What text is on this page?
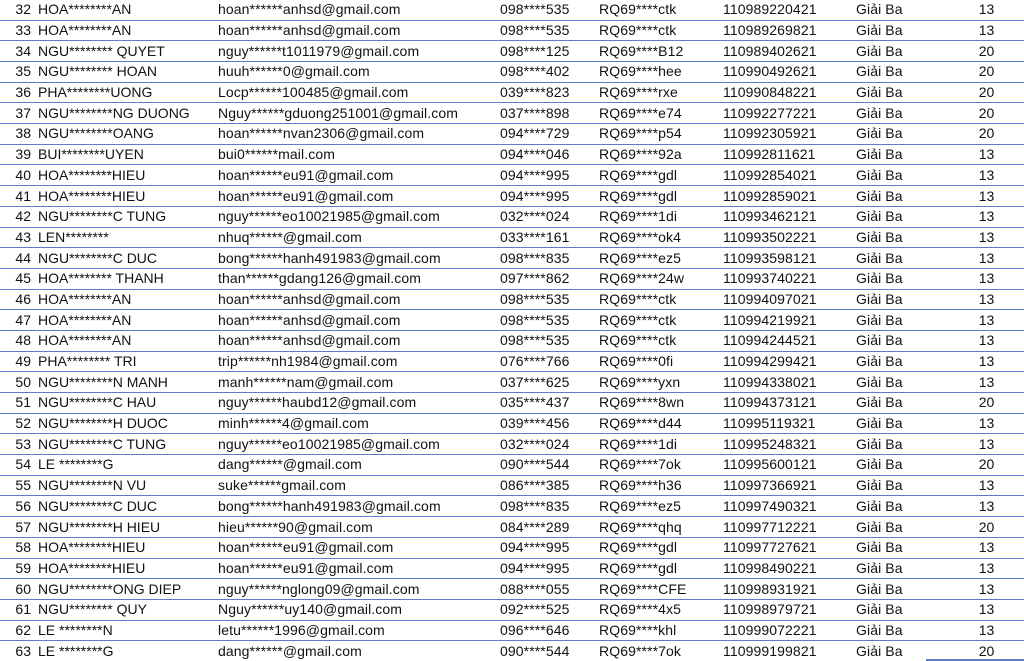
32	HOA********AN	hoan******anhsd@gmail.com	098****535	RQ69****ctk	110989220421	Giải Ba	13
33	HOA********AN	hoan******anhsd@gmail.com	098****535	RQ69****ctk	110989269821	Giải Ba	13
34	NGU******** QUYET	nguy******t1011979@gmail.com	098****125	RQ69****B12	110989402621	Giải Ba	20
35	NGU******** HOAN	huuh******0@gmail.com	098****402	RQ69****hee	110990492621	Giải Ba	20
36	PHA********UONG	Locp******100485@gmail.com	039****823	RQ69****rxe	110990848221	Giải Ba	20
37	NGU********NG DUONG	Nguy******gduong251001@gmail.com	037****898	RQ69****e74	110992277221	Giải Ba	20
38	NGU********OANG	hoan******nvan2306@gmail.com	094****729	RQ69****p54	110992305921	Giải Ba	20
39	BUI********UYEN	bui0******mail.com	094****046	RQ69****92a	110992811621	Giải Ba	13
40	HOA********HIEU	hoan******eu91@gmail.com	094****995	RQ69****gdl	110992854021	Giải Ba	13
41	HOA********HIEU	hoan******eu91@gmail.com	094****995	RQ69****gdl	110992859021	Giải Ba	13
42	NGU********C TUNG	nguy******eo10021985@gmail.com	032****024	RQ69****1di	110993462121	Giải Ba	13
43	LEN********	nhuq******@gmail.com	033****161	RQ69****ok4	110993502221	Giải Ba	13
44	NGU********C DUC	bong******hanh491983@gmail.com	098****835	RQ69****ez5	110993598121	Giải Ba	13
45	HOA******** THANH	than******gdang126@gmail.com	097****862	RQ69****24w	110993740221	Giải Ba	13
46	HOA********AN	hoan******anhsd@gmail.com	098****535	RQ69****ctk	110994097021	Giải Ba	13
47	HOA********AN	hoan******anhsd@gmail.com	098****535	RQ69****ctk	110994219921	Giải Ba	13
48	HOA********AN	hoan******anhsd@gmail.com	098****535	RQ69****ctk	110994244521	Giải Ba	13
49	PHA******** TRI	trip******nh1984@gmail.com	076****766	RQ69****0fi	110994299421	Giải Ba	13
50	NGU********N MANH	manh******nam@gmail.com	037****625	RQ69****yxn	110994338021	Giải Ba	13
51	NGU********C HAU	nguy******haubd12@gmail.com	035****437	RQ69****8wn	110994373121	Giải Ba	20
52	NGU********H DUOC	minh******4@gmail.com	039****456	RQ69****d44	110995119321	Giải Ba	13
53	NGU********C TUNG	nguy******eo10021985@gmail.com	032****024	RQ69****1di	110995248321	Giải Ba	13
54	LE ********G	dang******@gmail.com	090****544	RQ69****7ok	110995600121	Giải Ba	20
55	NGU********N VU	suke******gmail.com	086****385	RQ69****h36	110997366921	Giải Ba	13
56	NGU********C DUC	bong******hanh491983@gmail.com	098****835	RQ69****ez5	110997490321	Giải Ba	13
57	NGU********H HIEU	hieu******90@gmail.com	084****289	RQ69****qhq	110997712221	Giải Ba	20
58	HOA********HIEU	hoan******eu91@gmail.com	094****995	RQ69****gdl	110997727621	Giải Ba	13
59	HOA********HIEU	hoan******eu91@gmail.com	094****995	RQ69****gdl	110998490221	Giải Ba	13
60	NGU********ONG DIEP	nguy******nglong09@gmail.com	088****055	RQ69****CFE	110998931921	Giải Ba	13
61	NGU******** QUY	Nguy******uy140@gmail.com	092****525	RQ69****4x5	110998979721	Giải Ba	13
62	LE ********N	letu******1996@gmail.com	096****646	RQ69****khl	110999072221	Giải Ba	13
63	LE ********G	dang******@gmail.com	090****544	RQ69****7ok	110999199821	Giải Ba	20
